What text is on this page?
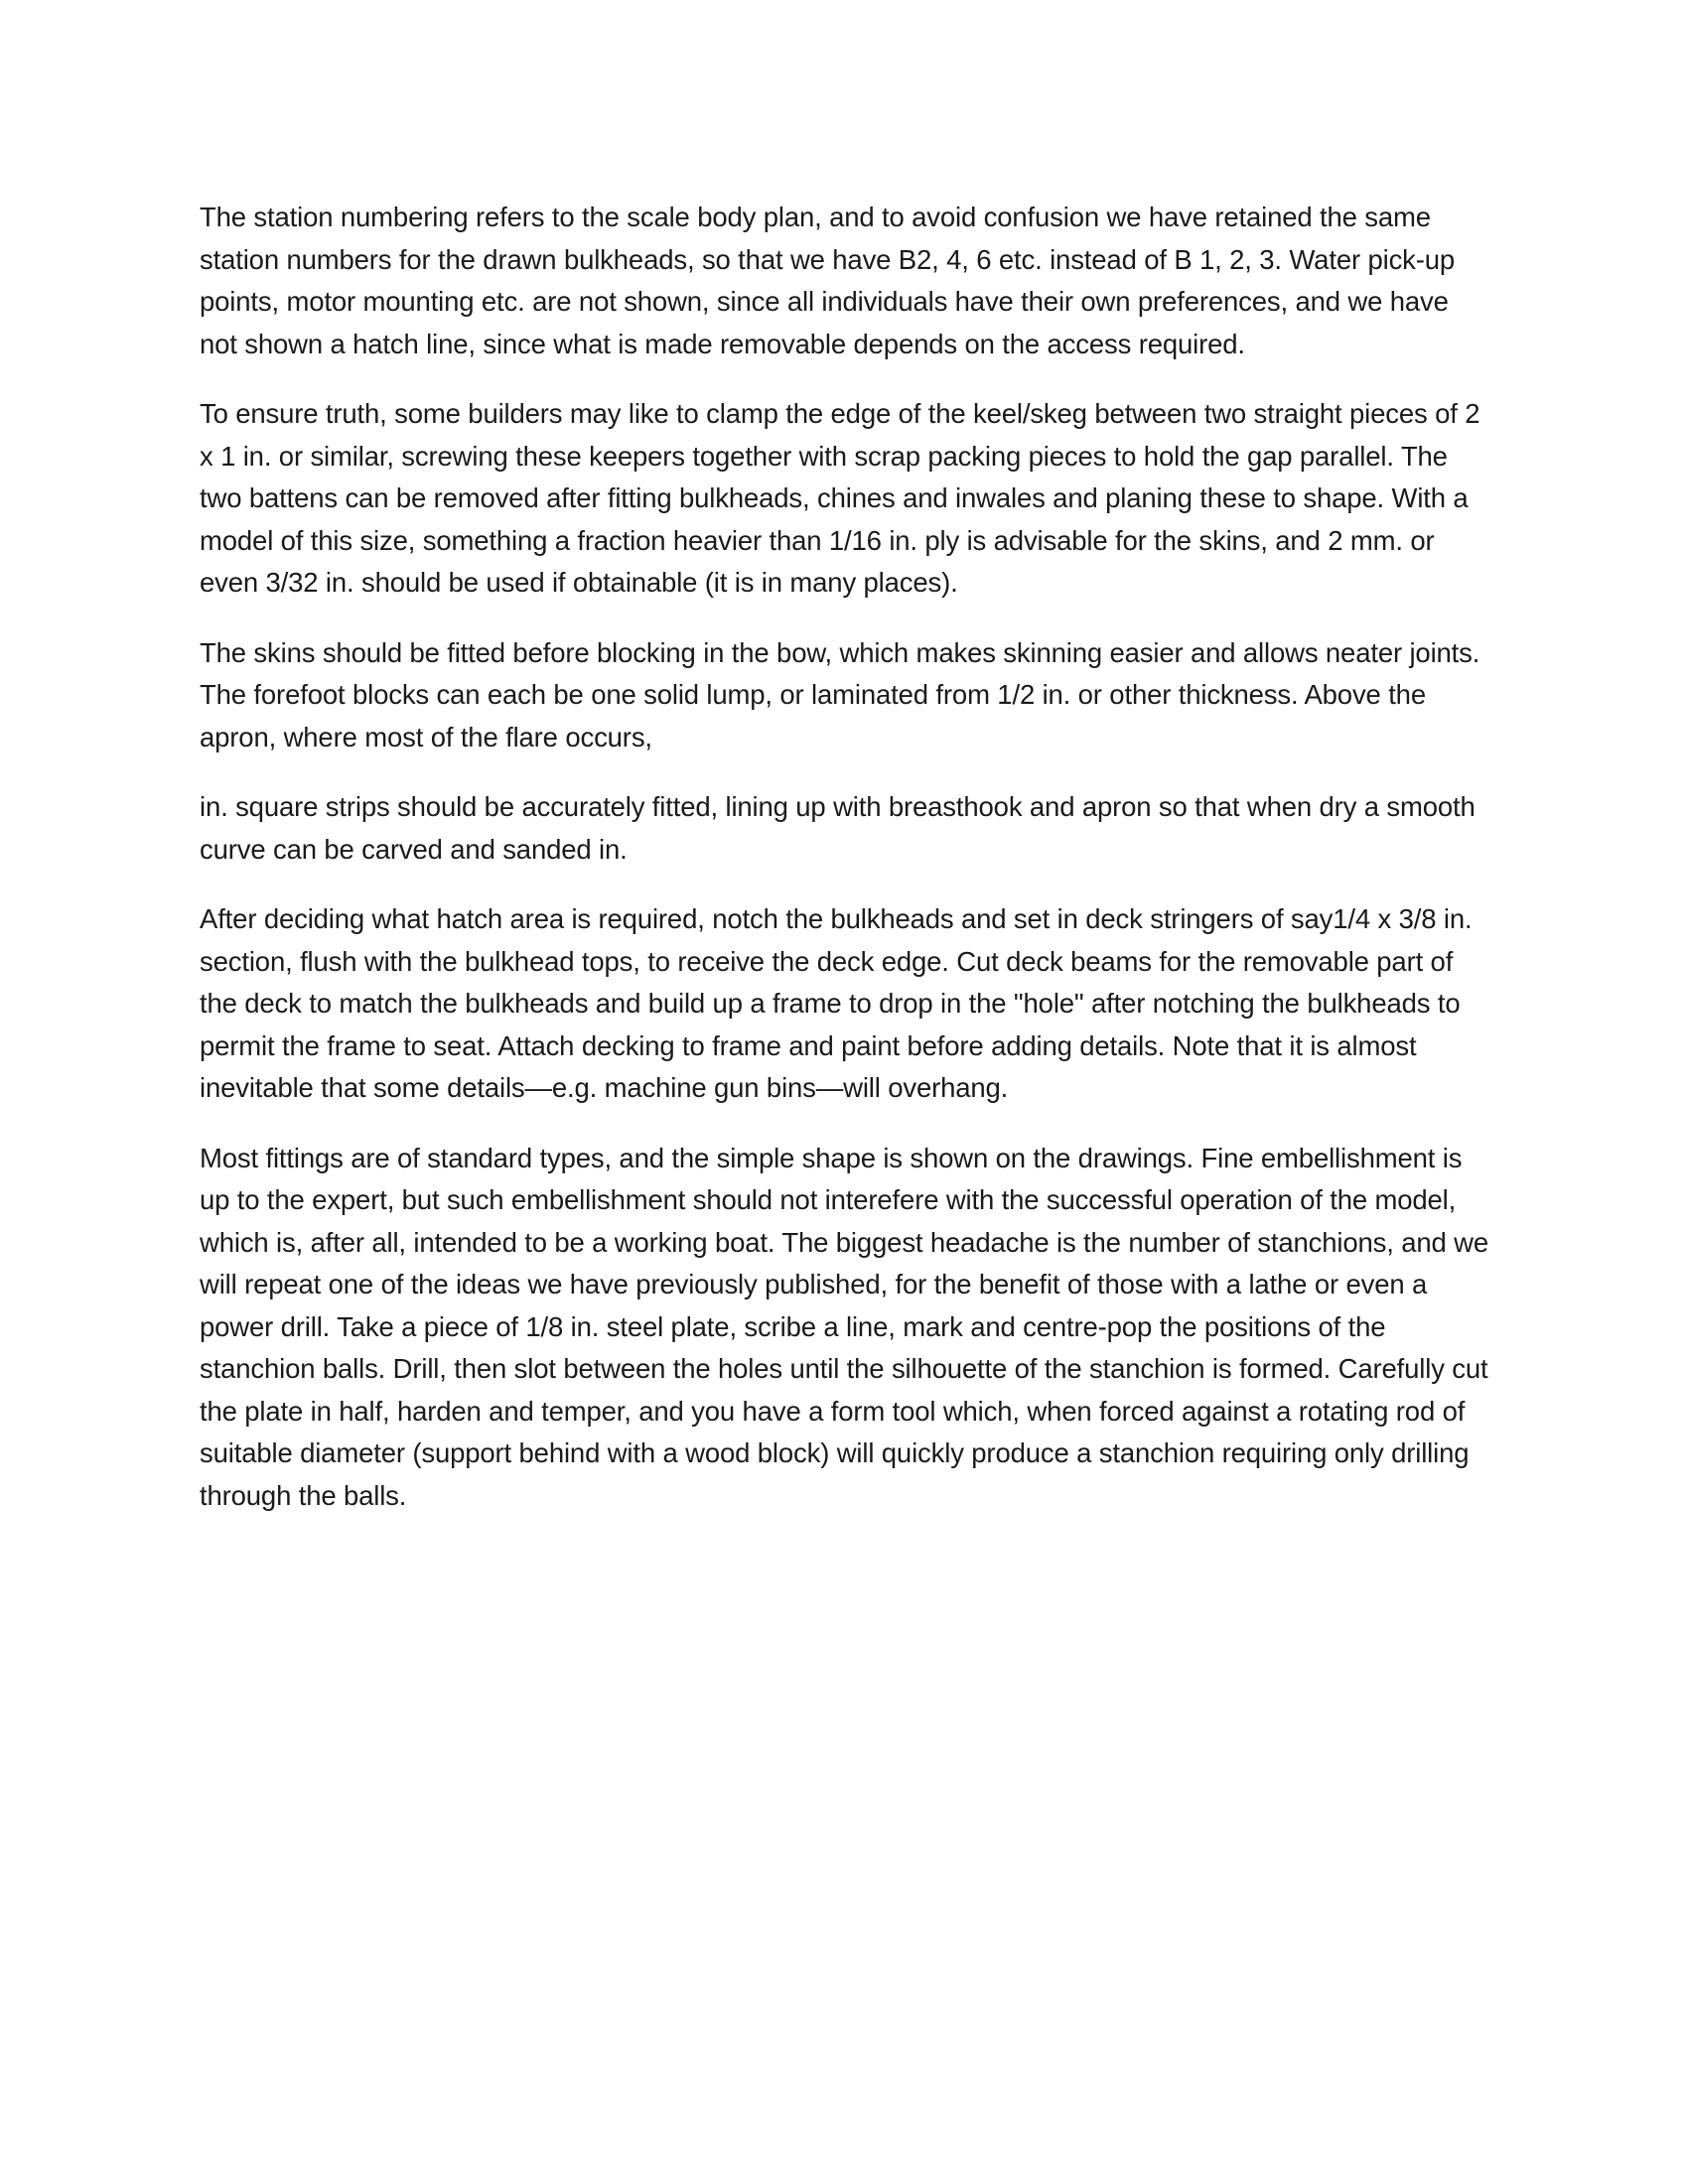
The station numbering refers to the scale body plan, and to avoid confusion we have retained the same station numbers for the drawn bulkheads, so that we have B2, 4, 6 etc. instead of B 1, 2, 3. Water pick-up points, motor mounting etc. are not shown, since all individuals have their own preferences, and we have not shown a hatch line, since what is made removable depends on the access required.

To ensure truth, some builders may like to clamp the edge of the keel/skeg between two straight pieces of 2 x 1 in. or similar, screwing these keepers together with scrap packing pieces to hold the gap parallel. The two battens can be removed after fitting bulkheads, chines and inwales and planing these to shape. With a model of this size, something a fraction heavier than 1/16 in. ply is advisable for the skins, and 2 mm. or even 3/32 in. should be used if obtainable (it is in many places).

The skins should be fitted before blocking in the bow, which makes skinning easier and allows neater joints. The forefoot blocks can each be one solid lump, or laminated from 1/2 in. or other thickness. Above the apron, where most of the flare occurs,

in. square strips should be accurately fitted, lining up with breasthook and apron so that when dry a smooth curve can be carved and sanded in.

After deciding what hatch area is required, notch the bulkheads and set in deck stringers of say1/4 x 3/8 in. section, flush with the bulkhead tops, to receive the deck edge. Cut deck beams for the removable part of the deck to match the bulkheads and build up a frame to drop in the "hole" after notching the bulkheads to permit the frame to seat. Attach decking to frame and paint before adding details. Note that it is almost inevitable that some details—e.g. machine gun bins—will overhang.

Most fittings are of standard types, and the simple shape is shown on the drawings. Fine embellishment is up to the expert, but such embellishment should not interefere with the successful operation of the model, which is, after all, intended to be a working boat. The biggest headache is the number of stanchions, and we will repeat one of the ideas we have previously published, for the benefit of those with a lathe or even a power drill. Take a piece of 1/8 in. steel plate, scribe a line, mark and centre-pop the positions of the stanchion balls. Drill, then slot between the holes until the silhouette of the stanchion is formed. Carefully cut the plate in half, harden and temper, and you have a form tool which, when forced against a rotating rod of suitable diameter (support behind with a wood block) will quickly produce a stanchion requiring only drilling through the balls.
